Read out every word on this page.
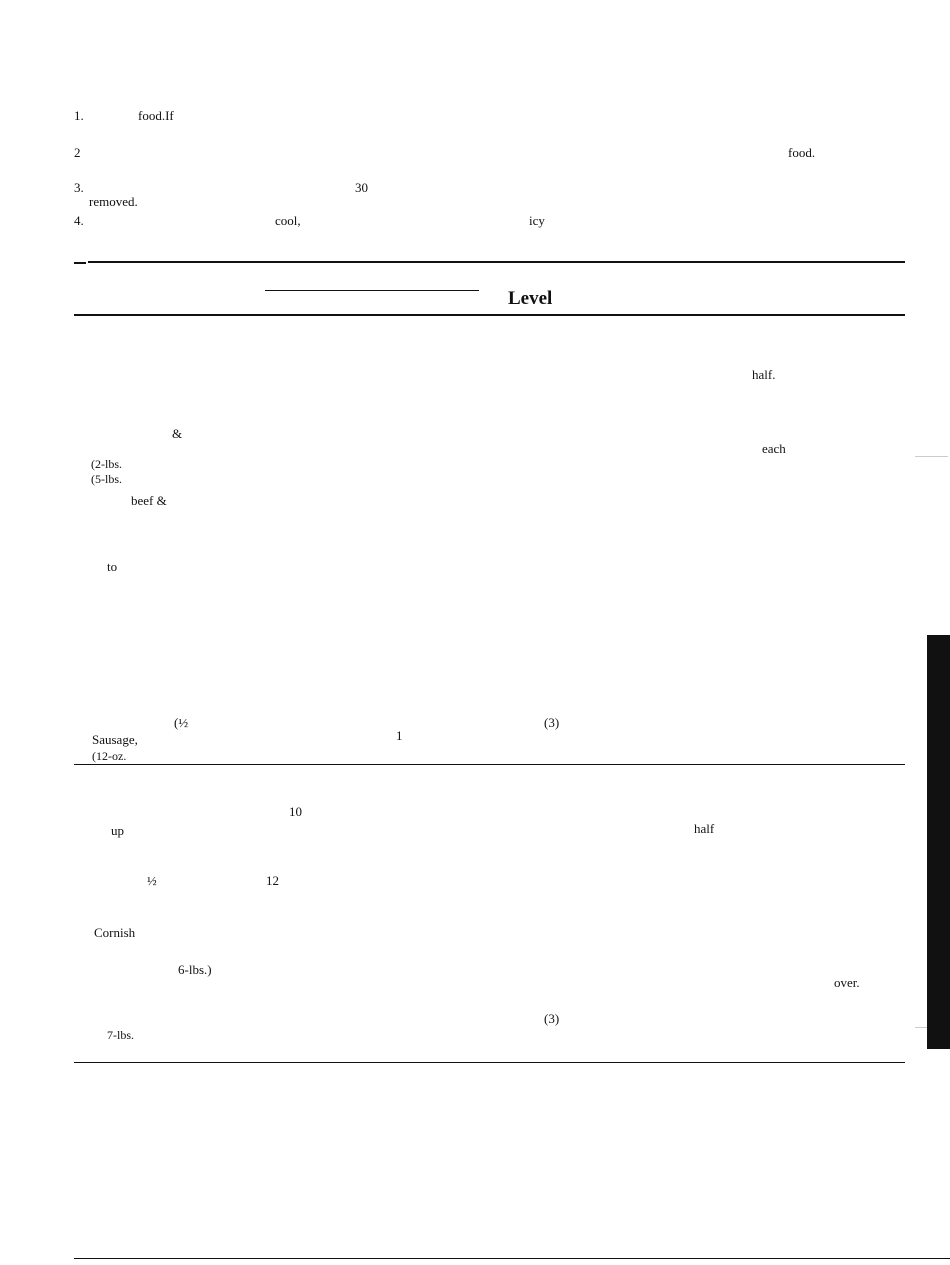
1.	food.If
2	food.
3.	30
removed.
4.	cool,	icy
Level
half.
&
each
(2-lbs.
(5-lbs.
beef &
to
(½	(3)
Sausage,	1
(12-oz.
10
up	half
½	12
Cornish
6-lbs.)
over.
(3)
7-lbs.
